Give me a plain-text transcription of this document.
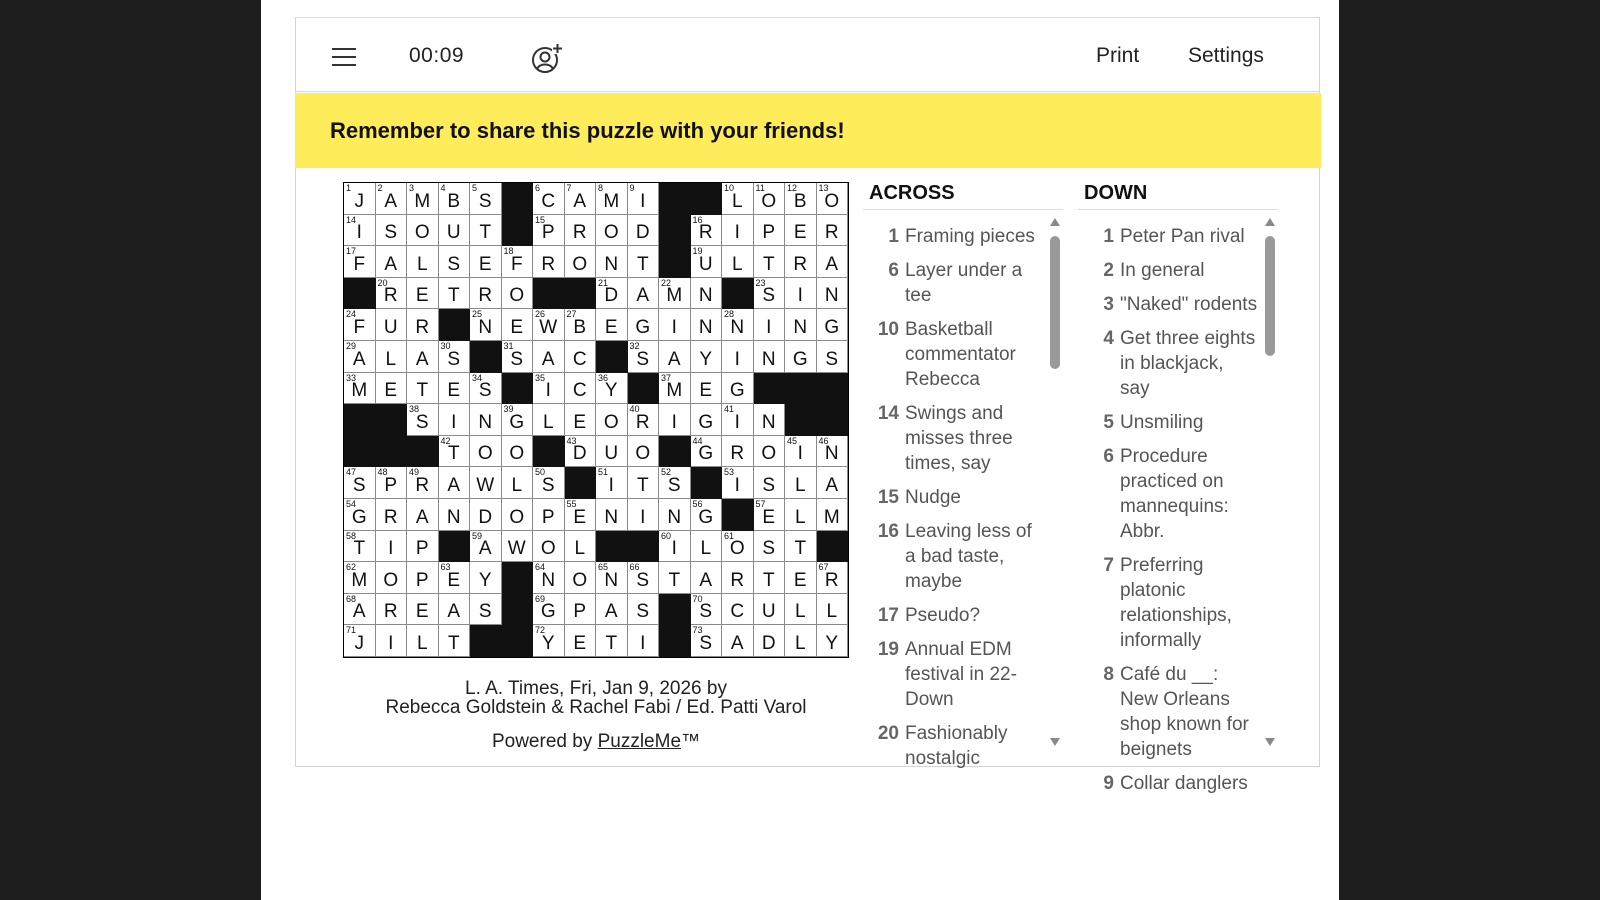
00:09	Print Settings
Remember to share this puzzle with your friends!
1
J
2
A
3
M
4
B
5
S
6
C
7
A
8
M
9
I
10
L
11
O
12
B
13
O
14
I	S O U T
15
P R O D
16
R	I	P E R
17
F	A	L	S E
18
F R O N T
19
U	L	T R A
20
R E	T R O
21
D A
22
M N
23
S	I	N
24
F U R
25
N E
26
W
27
B E G	I	N
28
N	I	N G
29
A	L	A
30
S
31
S A C
32
S A Y	I	N G S
33
M E	T	E
34
S
35
I	C
36
Y
37
M E G
38
S	I	N
39
G L	E O
40
R	I	G
41
I	N
42
T O O
43
D U O
44
G R O
45
I
46
N
47
S
48
P
49
R A W L
50
S
51
I	T
52
S
53
I	S	L	A
54
G R A N D O P
55
E N	I	N
56
G
57
E	L M
58
T	I	P
59
A W O L
60
I	L
61
O S	T
62
M O P
63
E Y
64
N O
65
N
66
S	T	A R T	E
67
R
68
A R E A S
69
G P A S
70
S C U	L	L
71
J	I	L	T
72
Y E	T	I
73
S A D	L	Y
L. A. Times, Fri, Jan 9, 2026 by
Rebecca Goldstein & Rachel Fabi / Ed. Patti Varol
Powered by PuzzleMe™
ACROSS
1 Framing pieces
6 Layer under a tee
10 Basketball commentator Rebecca
14 Swings and misses three times, say
15 Nudge
16 Leaving less of a bad taste, maybe
17 Pseudo?
19 Annual EDM festival in 22-Down
20 Fashionably nostalgic
DOWN
1 Peter Pan rival
2 In general
3 "Naked" rodents
4 Get three eights in blackjack, say
5 Unsmiling
6 Procedure practiced on mannequins: Abbr.
7 Preferring platonic relationships, informally
8 Café du __: New Orleans shop known for beignets
9 Collar danglers
